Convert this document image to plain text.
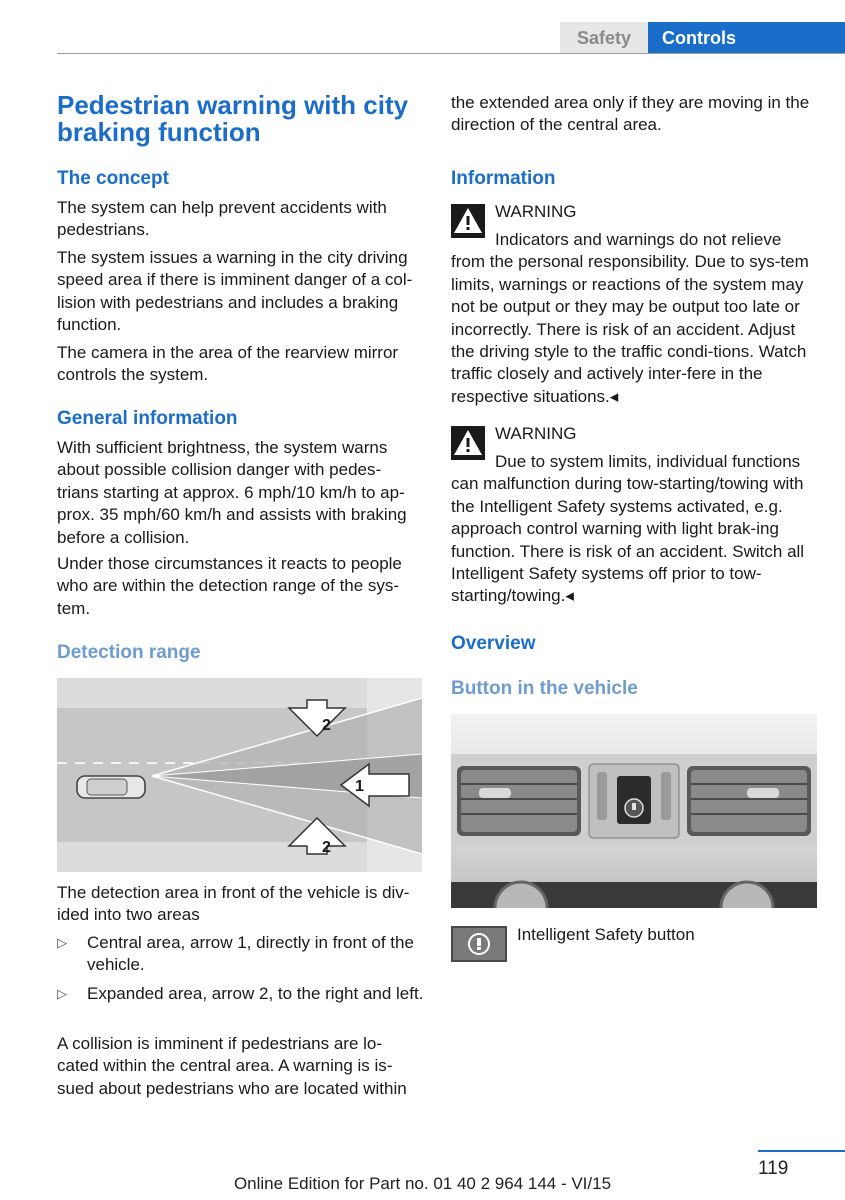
Safety	Controls
Pedestrian warning with city braking function
The concept

The system can help prevent accidents with pedestrians.

The system issues a warning in the city driving speed area if there is imminent danger of a col-lision with pedestrians and includes a braking function.

The camera in the area of the rearview mirror controls the system.

General information

With sufficient brightness, the system warns about possible collision danger with pedes-trians starting at approx. 6 mph/10 km/h to ap-prox. 35 mph/60 km/h and assists with braking before a collision.

Under those circumstances it reacts to people who are within the detection range of the sys-tem.

Detection range
2
1
2

The detection area in front of the vehicle is div-ided into two areas

▷ Central area, arrow 1, directly in front of the vehicle.
▷ Expanded area, arrow 2, to the right and left.

A collision is imminent if pedestrians are lo-cated within the central area. A warning is is-sued about pedestrians who are located within

the extended area only if they are moving in the direction of the central area.

Information
WARNING
Indicators and warnings do not relieve from the personal responsibility. Due to sys-tem limits, warnings or reactions of the system may not be output or they may be output too late or incorrectly. There is risk of an accident. Adjust the driving style to the traffic condi-tions. Watch traffic closely and actively inter-fere in the respective situations.◂
WARNING
Due to system limits, individual functions can malfunction during tow-starting/towing with the Intelligent Safety systems activated, e.g. approach control warning with light brak-ing function. There is risk of an accident. Switch all Intelligent Safety systems off prior to tow-starting/towing.◂
Overview
Button in the vehicle
Intelligent Safety button
119
Online Edition for Part no. 01 40 2 964 144 - VI/15
